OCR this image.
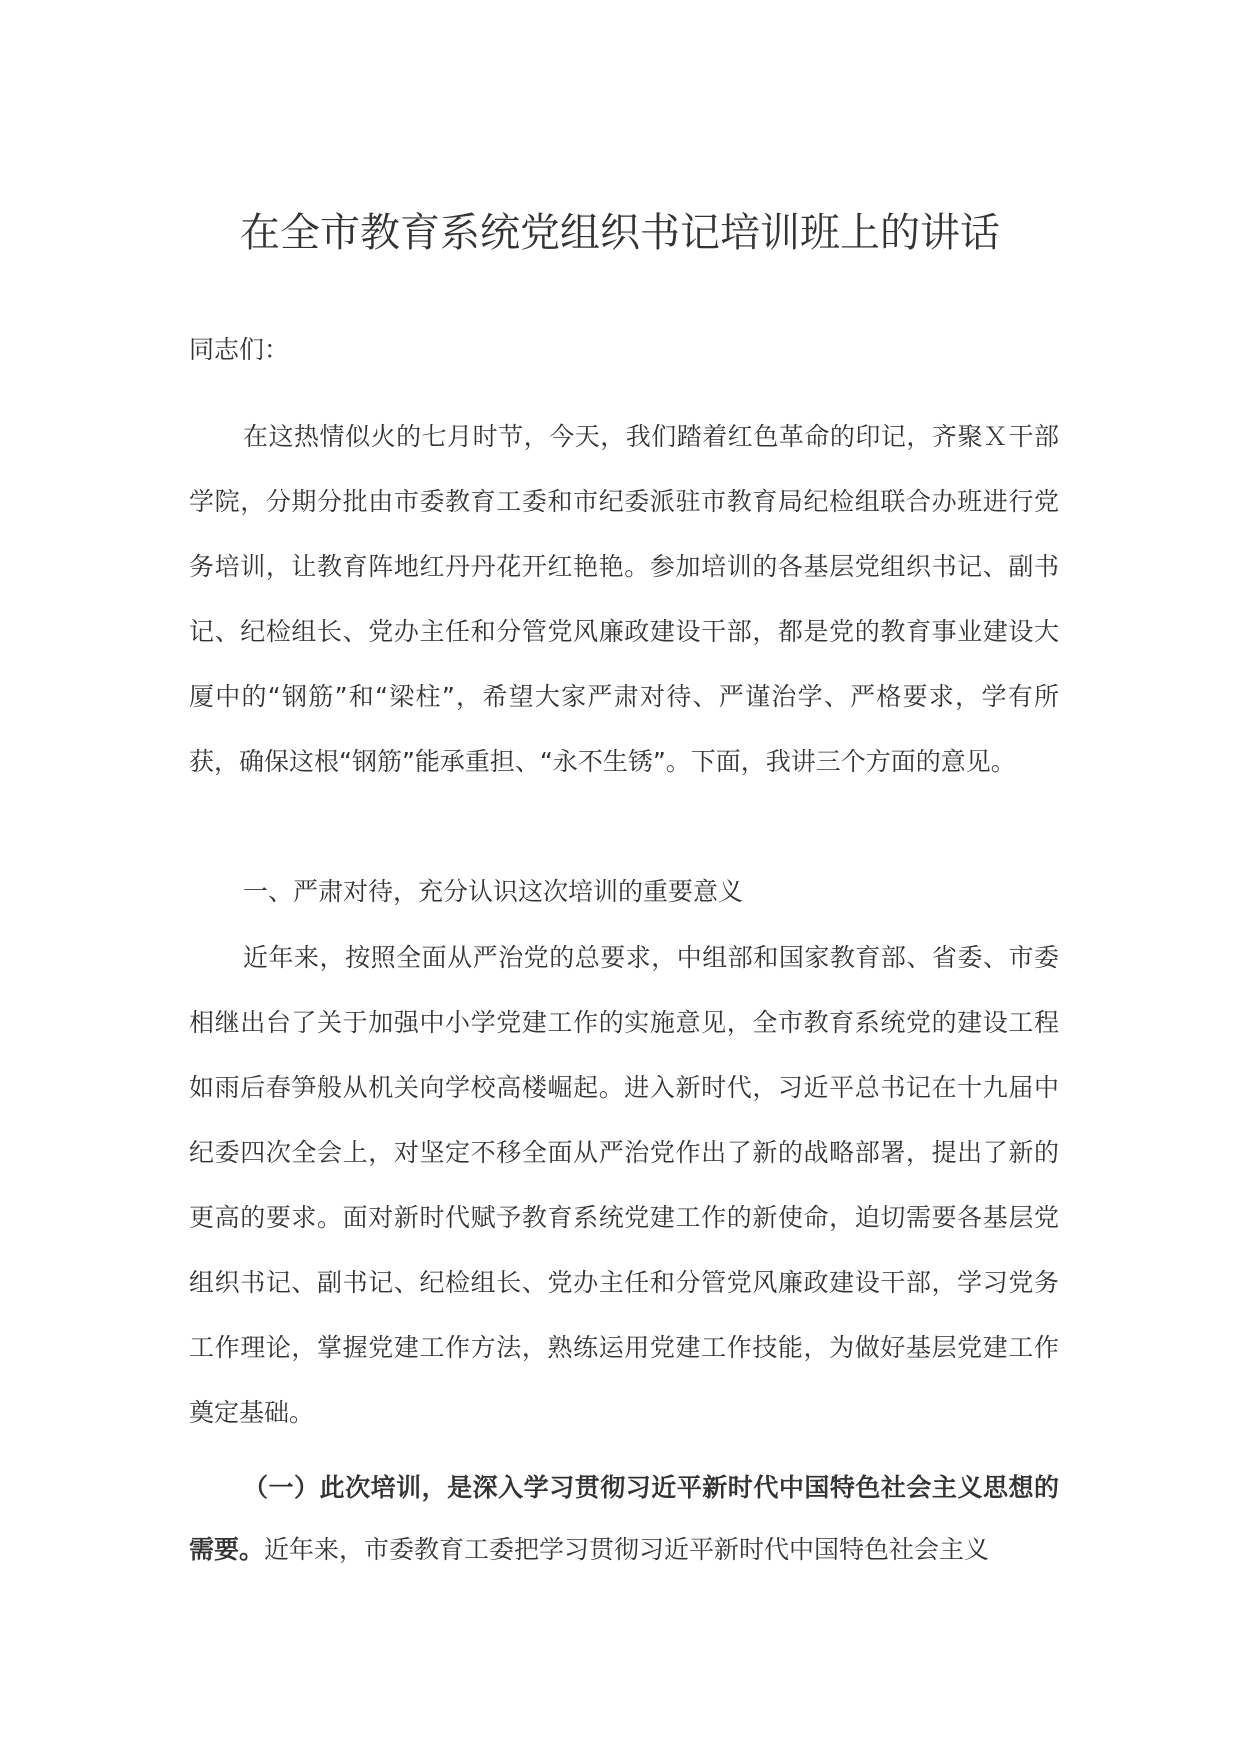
在全市教育系统党组织书记培训班上的讲话

同志们：

在这热情似火的七月时节，今天，我们踏着红色革命的印记，齐聚Ｘ干部学院，分期分批由市委教育工委和市纪委派驻市教育局纪检组联合办班进行党务培训，让教育阵地红丹丹花开红艳艳。参加培训的各基层党组织书记、副书记、纪检组长、党办主任和分管党风廉政建设干部，都是党的教育事业建设大厦中的“钢筋”和“梁柱”，希望大家严肃对待、严谨治学、严格要求，学有所获，确保这根“钢筋”能承重担、“永不生锈”。下面，我讲三个方面的意见。

一、严肃对待，充分认识这次培训的重要意义

近年来，按照全面从严治党的总要求，中组部和国家教育部、省委、市委相继出台了关于加强中小学党建工作的实施意见，全市教育系统党的建设工程如雨后春笋般从机关向学校高楼崛起。进入新时代，习近平总书记在十九届中纪委四次全会上，对坚定不移全面从严治党作出了新的战略部署，提出了新的更高的要求。面对新时代赋予教育系统党建工作的新使命，迫切需要各基层党组织书记、副书记、纪检组长、党办主任和分管党风廉政建设干部，学习党务工作理论，掌握党建工作方法，熟练运用党建工作技能，为做好基层党建工作奠定基础。

（一）此次培训，是深入学习贯彻习近平新时代中国特色社会主义思想的需要。近年来，市委教育工委把学习贯彻习近平新时代中国特色社会主义
